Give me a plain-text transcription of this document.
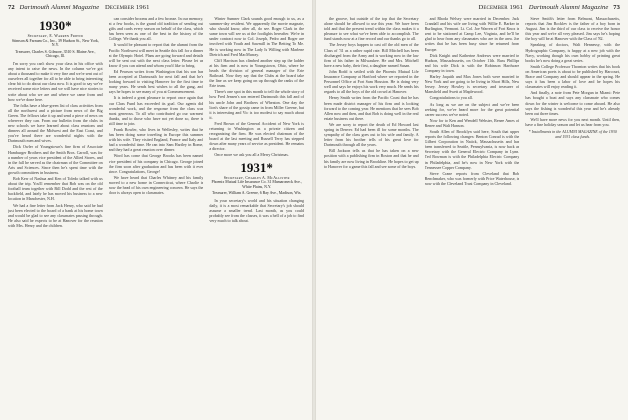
72 Dartmouth Alumni Magazine December 1961
1930*
Secretary, E. Warren Friend
Stimson & Farnum Co., Inc., 39 Hudson St., New York, N.Y.
Treasurer, Charles S. Gilmore, 3510 S. Blaine Ave., Chicago, Ill.

I'm sorry you can't show your class in his office with any intent to raise the news. In the column we've got about a thousand to make it very fine and we're sent out of ourselves all together for all to be able to bring interesting clear bit to do about our class now. It is good to say we've received some nice letters and we will have nice stories to write about who we are and where we came from and how we've done here.

The folks have a blue-green list of class activities from all the northwest and a picture from news of the Big Green. The fellows take it up and send a piece of news on wherever they can. From our bulletin from the clubs in new schools we have learned about class reunions and dinners all around the Midwest and the East Coast, and you've heard there are wonderful nights with the Dartmouth men and wives.

Dick Owler of Youngstown's fine firm of Associate Hamburger Brothers and the Smith Bros. Carroll, was for a number of years vice president of the Allied Stores, and in the fall he served as the chairman of the Committee on Arts and Sciences. Since then he's spent time with the growth committees in business.

Bob Kerr of Nashua and Ken of Toledo talked with us about the trip. You'll remember that Bob was on the old football team together with Bill Dodd and the rest of the backfield, and lately he has moved his business to a new location in Manchester, N.H.

We had a fine letter from Jack Henry, who said he had just been elected to the board of a bank at his home town and would be glad to see any classmates passing through. He also said he expects to be at Hanover for the reunion with Mrs. Henry and the children.

can consider brooms and a few bronze. In our memory, at a few books, is the grand old tradition of sending out gifts and cards every season on behalf of the class, which has been seen as one of the best in the history of the College. We thank you all.

It would be pleasant to report that the alumni from the Pacific Northwest will meet in Seattle this fall for a dinner at the Olympic Hotel. Plans are going forward and details will be sent out with the next class letter. Please let us know if you can attend and whom you'd like to bring.

Ed Pearson writes from Washington that his son has been accepted at Dartmouth for next fall and that he's looking forward to visiting Hanover for the first time in many years. He sends best wishes to all the gang, and says he hopes to see many of you at Commencement.

It is indeed a great pleasure to report once again that our Class Fund has exceeded its goal. Our agents did wonderful work, and the response from the class was most generous. To all who contributed go our warmest thanks, and to those who have not yet done so, there is still time to join.

Frank Bowler, who lives in Wellesley, writes that he has been doing some traveling in Europe this summer with his wife. They visited England, France and Italy and had a wonderful time. He ran into Sam Hartley in Rome, and they had a great reunion over dinner.

Word has come that George Brooks has been named vice president of his company in Chicago. George joined the firm soon after graduation and has been with it ever since. Congratulations, George!

We have heard that Charles Whitney and his family moved to a new home in Connecticut, where Charlie is now the head of his own engineering concern. He says the door is always open to classmates.

Winter Sumner Clark sounds good enough to us, as a summer-day resident. We apparently the movie magnate, who should know, after all, do see. Roger Clark in the same town will see us at the footlights hereafter. We're in under contract now to Col. Joseph, Pedro and Roger are involved with Youth and Sawmill in The Betting To Me. He is working now in The Lady Is Willing with Marlene Dietrich and Fred MacMurray.

Cliff Harrison has climbed another step up the ladder at his firm and is now in Youngstown, Ohio, where he heads the division of general manager of the Erie Railroad. Now they say that the Clubs at the board take the line as we keep going on up through the ranks of the Erie team.

There's one spot in this month to tell the whole story of how Fred Jensen's son entered Dartmouth this fall and of his uncle John and Brothers of Wheaton. One day the lion's share of the gossip came in from Miller Greene, but it is interesting and Vic is too modest to say much about it.

Fred Brown of the General Accident of New York is returning to Washington as a private citizen and reorganizing the firm. He was elected chairman of the board at the last meeting and Russell Terry has stepped down after many years of service as president. He remains a director.

Once more we ask you all a Merry Christmas.

1931*
Secretary, Charles A. McAllister
Phoenix Mutual Life Insurance Co. 31 Mamaroneck Ave., White Plains, N.Y.
Treasurer, William A. Greene, 6 Bay Ave., Madison, Wis.

In your secretary's world and his situation changing daily, it is a most remarkable that Secretary's job should assume a smaller trend. Last month, as you could probably see from the classes, it was a hell of a job to find very much to talk about.

December 1961 Dartmouth Alumni Magazine 73

the groove, but outside of the top that the Secretary alone should be allowed to use this year. We have been told and that the present trend within the class makes it a pleasure to see what we've been able to accomplish. The fund stands now at a fine record and our thanks go to all.

The Jersey boys happen to cast off the old men of the Class of '31 as a rather rapid rate. Bill Mitchell has been discharged from the Army and is working now in the law firm of his father in Milwaukee. He and Mrs. Mitchell have a new baby, their first, a daughter named Susan.

John Rodd is settled with the Phoenix Mutual Life Insurance Company at Hartford where we reported in the Personnel Office at Fort Sam Houston. He is doing very well and says he enjoys his work very much. He sends his regards to all the boys of the old crowd at Hanover.

Henry Smith writes from the Pacific Coast that he has been made district manager of his firm and is looking forward to the coming year. He mentions that he sees Bob Allen now and then, and that Bob is doing well in the real estate business out there.

We are sorry to report the death of Ed Howard last spring in Denver. Ed had been ill for some months. The sympathy of the class goes out to his wife and family. A letter from his brother tells of his great love for Dartmouth through all the years.

Bill Jackson tells us that he has taken on a new position with a publishing firm in Boston and that he and his family are now living in Brookline. He hopes to get up to Hanover for a game this fall and see some of the boys.

and Rhoda Welsey were married in December. Jack Crandall and his wife are living with Willie E. Barker in Burlington, Vermont. Lt. Col. Joe Warren of Fort Knox is sent to be stationed at Camp Lee, Virginia, and he'll be glad to hear from any classmates who are in the area. Joe writes that he has been busy since he returned from Europe.

Dick Knight and Katherine Andrews were married in Hudson, Massachusetts, on October 11th. Russ Phillips and his wife Dick is with the Robinson Hardware Company in town.

Harley Jaquith and Max Jones both were married in New York and are going to be living in Short Hills, New Jersey. Jersey Howley is secretary and treasurer of Mansfield and Swett at Maplewood.

Congratulations to you all.

As long as we are on the subject and we've been seeking for, we've heard more for the great potential career success we've noted.

Now for to Ken and Wendell Webster, Renee Ames of Renee and Walt Hanson.

South Allen of Brooklyn said here, South that upper reports the following changes: Benton Conrad is with the Gilbert Corporation in Natick, Massachusetts and has been transferred to Seattle, Pennsylvania, is now back as Secretary with the General Electric Company in Lynn. Ted Bowman is with the Philadelphia Electric Company in Philadelphia, and he's now in New York with the Tennessee Copper Company.

Steve Crane reports from Cleveland that Bob Benchmaker, who was formerly with Price Waterhouse, is now with the Cleveland Trust Company in Cleveland.

Steve Smith's letter from Belmont, Massachusetts, reports that Jim Rocklev is the father of a boy born in August. Jim is the third of our class to receive the honor this year and we're all very pleased. Jim says he's hoping the boy will be at Hanover with the Class of '82.

Speaking of doctors, Walt Hennessy, with the Hydrographic Company, is happy at a new job with the Navy, working though his own hobby of printing great books he's now doing a great series.

Smith College Professor Thornton writes that his book on American poets is about to be published by Harcourt, Brace and Company and should appear in the spring. He says it has been a labor of love and he hopes his classmates will enjoy reading it.

And finally, a note from Pete Morgan in Miami: Pete has bought a boat and says any classmate who comes down for the winter is welcome to come aboard. He also says the fishing is wonderful this year and he's already been out three times.

We'll have more news for you next month. Until then, have a fine holiday season and let us hear from you.

* Installments in the ALUMNI MAGAZINE of the 1930 and 1931 class funds.
